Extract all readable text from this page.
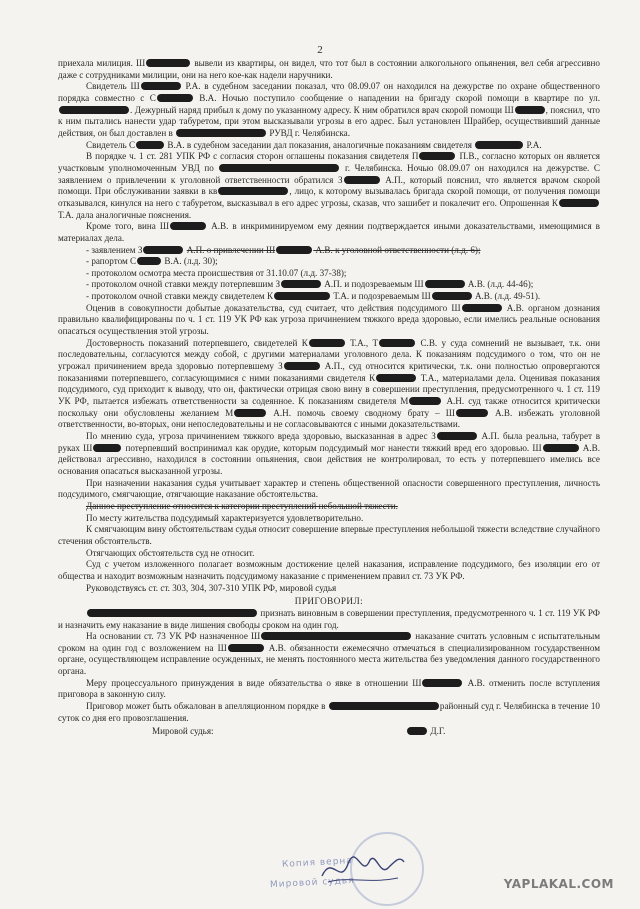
2

приехала милиция. Ш	вывели из квартиры, он видел, что тот был в состоянии алкогольного опьянения, вел себя агрессивно даже с сотрудниками милиции, они на него кое-как надели наручники.

Свидетель Ш	Р.А. в судебном заседании показал, что 08.09.07 он находился на дежурстве по охране общественного порядка совместно с С	В.А. Ночью поступило сообщение о нападении на бригаду скорой помощи в квартире по ул.. Дежурный наряд прибыл к дому по указанному адресу. К ним обратился врач скорой помощи Ш	, пояснил, что к ним пытались нанести удар табуретом, при этом высказывали угрозы в его адрес. Был установлен Шрайбер, осуществивший данные действия, он был доставлен в	РУВД г. Челябинска.

Свидетель С	В.А. в судебном заседании дал показания, аналогичные показаниям свидетеля	Р.А.

В порядке ч. 1 ст. 281 УПК РФ с согласия сторон оглашены показания свидетеля П	П.В., согласно которых он является участковым уполномоченным УВД по	г. Челябинска. Ночью 08.09.07 он находился на дежурстве. С заявлением о привлечении к уголовной ответственности обратился З	А.П., который пояснил, что является врачом скорой помощи. При обслуживании заявки в кв	, лицо, к которому вызывалась бригада скорой помощи, от получения помощи отказывался, кинулся на него с табуретом, высказывал в его адрес угрозы, сказав, что зашибет и покалечит его. Опрошенная К Т.А. дала аналогичные пояснения.

Кроме того, вина Ш	А.В. в инкриминируемом ему деянии подтверждается иными доказательствами, имеющимися в материалах дела.

- заявлением З	А.П. о привлечении Ш	А.В. к уголовной ответственности (л.д. 6);

- рапортом С	В.А. (л.д. 30);

- протоколом осмотра места происшествия от 31.10.07 (л.д. 37-38);

- протоколом очной ставки между потерпевшим З	А.П. и подозреваемым Ш	А.В. (л.д. 44-46);

- протоколом очной ставки между свидетелем К	Т.А. и подозреваемым Ш	А.В. (л.д. 49-51).

Оценив в совокупности добытые доказательства, суд считает, что действия подсудимого Ш	А.В. органом дознания правильно квалифицированы по ч. 1 ст. 119 УК РФ как угроза причинением тяжкого вреда здоровью, если имелись реальные основания опасаться осуществления этой угрозы.

Достоверность показаний потерпевшего, свидетелей К	Т.А., Т	С.В. у суда сомнений не вызывает, т.к. они последовательны, согласуются между собой, с другими материалами уголовного дела. К показаниям подсудимого о том, что он не угрожал причинением вреда здоровью потерпевшему З	А.П., суд относится критически, т.к. они полностью опровергаются показаниями потерпевшего, согласующимися с ними показаниями свидетеля К	Т.А., материалами дела. Оценивая показания подсудимого, суд приходит к выводу, что он, фактически отрицая свою вину в совершении преступления, предусмотренного ч. 1 ст. 119 УК РФ, пытается избежать ответственности за содеянное. К показаниям свидетеля М	А.Н. суд также относится критически поскольку они обусловлены желанием М	А.Н. помочь своему сводному брату – Ш	А.В. избежать уголовной ответственности, во-вторых, они непоследовательны и не согласовываются с иными доказательствами.

По мнению суда, угроза причинением тяжкого вреда здоровью, высказанная в адрес З	А.П. была реальна, табурет в руках Ш	потерпевший воспринимал как орудие, которым подсудимый мог нанести тяжкий вред его здоровью. Ш	А.В. действовал агрессивно, находился в состоянии опьянения, свои действия не контролировал, то есть у потерпевшего имелись все основания опасаться высказанной угрозы.

При назначении наказания судья учитывает характер и степень общественной опасности совершенного преступления, личность подсудимого, смягчающие, отягчающие наказание обстоятельства.

Данное преступление относится к категории преступлений небольшой тяжести.

По месту жительства подсудимый характеризуется удовлетворительно.

К смягчающим вину обстоятельствам судья относит совершение впервые преступления небольшой тяжести вследствие случайного стечения обстоятельств.

Отягчающих обстоятельств суд не относит.

Суд с учетом изложенного полагает возможным достижение целей наказания, исправление подсудимого, без изоляции его от общества и находит возможным назначить подсудимому наказание с применением правил ст. 73 УК РФ.

Руководствуясь ст. ст. 303, 304, 307-310 УПК РФ, мировой судья

ПРИГОВОРИЛ:

признать виновным в совершении преступления, предусмотренного ч. 1 ст. 119 УК РФ и назначить ему наказание в виде лишения свободы сроком на один год.

На основании ст. 73 УК РФ назначенное Ш	наказание считать условным с испытательным сроком на один год с возложением на Ш	А.В. обязанности ежемесячно отмечаться в специализированном государственном органе, осуществляющем исправление осужденных, не менять постоянного места жительства без уведомления данного государственного органа.

Меру процессуального принуждения в виде обязательства о явке в отношении Ш	А.В. отменить после вступления приговора в законную силу.

Приговор может быть обжалован в апелляционном порядке в	районный суд г. Челябинска в течение 10 суток со дня его провозглашения.

Мировой судья:	Д.Г.

Копия верна
Мировой судья	YAPLAKAL.COM
